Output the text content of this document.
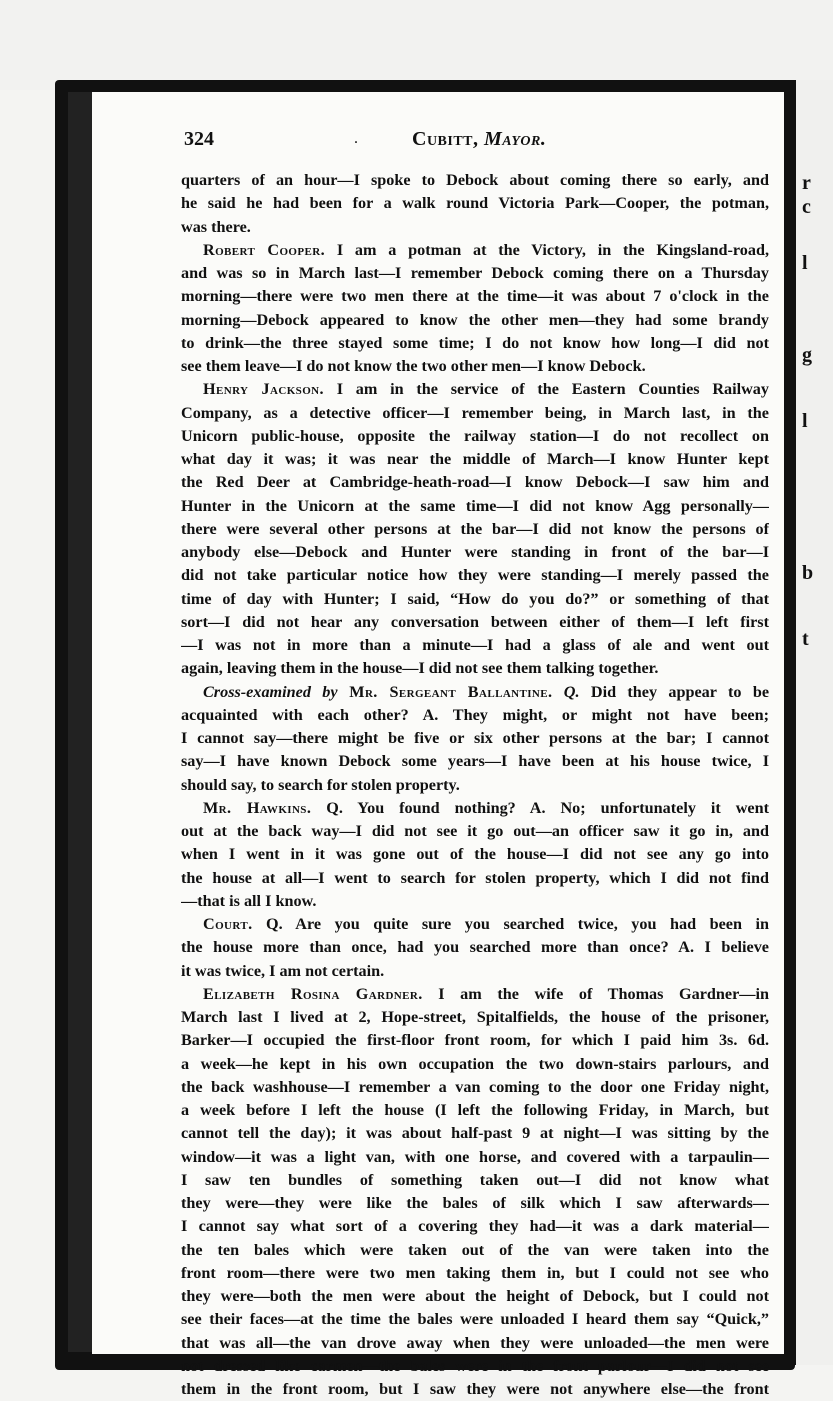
r
c
l
g
l
b
t
324	.	Cubitt, Mayor.
quarters of an hour—I spoke to Debock about coming there so early, and
he said he had been for a walk round Victoria Park—Cooper, the potman,
was there.
Robert Cooper. I am a potman at the Victory, in the Kingsland-road,
and was so in March last—I remember Debock coming there on a Thursday
morning—there were two men there at the time—it was about 7 o'clock in the
morning—Debock appeared to know the other men—they had some brandy
to drink—the three stayed some time; I do not know how long—I did not
see them leave—I do not know the two other men—I know Debock.
Henry Jackson. I am in the service of the Eastern Counties Railway
Company, as a detective officer—I remember being, in March last, in the
Unicorn public-house, opposite the railway station—I do not recollect on
what day it was; it was near the middle of March—I know Hunter kept
the Red Deer at Cambridge-heath-road—I know Debock—I saw him and
Hunter in the Unicorn at the same time—I did not know Agg personally—
there were several other persons at the bar—I did not know the persons of
anybody else—Debock and Hunter were standing in front of the bar—I
did not take particular notice how they were standing—I merely passed the
time of day with Hunter; I said, “How do you do?” or something of that
sort—I did not hear any conversation between either of them—I left first
—I was not in more than a minute—I had a glass of ale and went out
again, leaving them in the house—I did not see them talking together.
Cross-examined by Mr. Sergeant Ballantine. Q. Did they appear to be
acquainted with each other? A. They might, or might not have been;
I cannot say—there might be five or six other persons at the bar; I cannot
say—I have known Debock some years—I have been at his house twice, I
should say, to search for stolen property.
Mr. Hawkins. Q. You found nothing? A. No; unfortunately it went
out at the back way—I did not see it go out—an officer saw it go in, and
when I went in it was gone out of the house—I did not see any go into
the house at all—I went to search for stolen property, which I did not find
—that is all I know.
Court. Q. Are you quite sure you searched twice, you had been in
the house more than once, had you searched more than once? A. I believe
it was twice, I am not certain.
Elizabeth Rosina Gardner. I am the wife of Thomas Gardner—in
March last I lived at 2, Hope-street, Spitalfields, the house of the prisoner,
Barker—I occupied the first-floor front room, for which I paid him 3s. 6d.
a week—he kept in his own occupation the two down-stairs parlours, and
the back washhouse—I remember a van coming to the door one Friday night,
a week before I left the house (I left the following Friday, in March, but
cannot tell the day); it was about half-past 9 at night—I was sitting by the
window—it was a light van, with one horse, and covered with a tarpaulin—
I saw ten bundles of something taken out—I did not know what
they were—they were like the bales of silk which I saw afterwards—
I cannot say what sort of a covering they had—it was a dark material—
the ten bales which were taken out of the van were taken into the
front room—there were two men taking them in, but I could not see who
they were—both the men were about the height of Debock, but I could not
see their faces—at the time the bales were unloaded I heard them say “Quick,”
that was all—the van drove away when they were unloaded—the men were
not dressed like carmen—the bales were in the front parlour—I did not see
them in the front room, but I saw they were not anywhere else—the front
